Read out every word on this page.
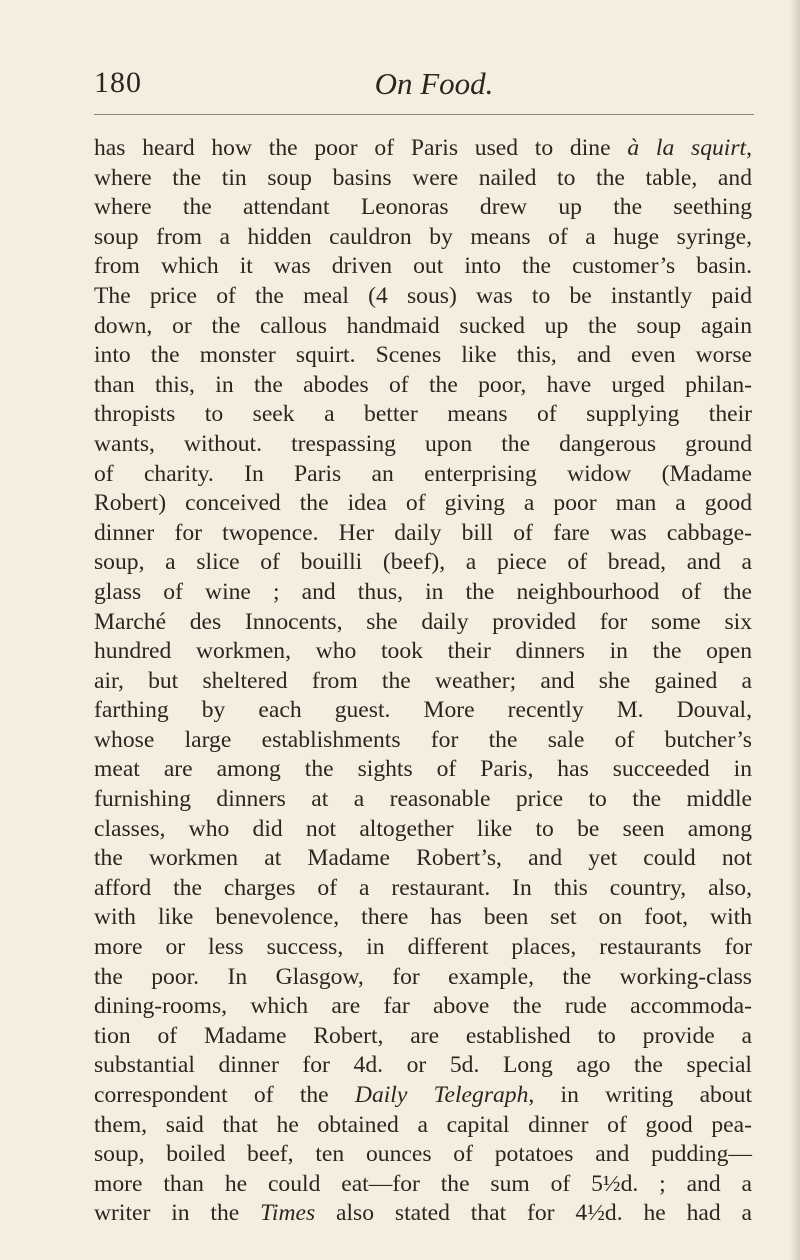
180	On Food.
has heard how the poor of Paris used to dine à la squirt,
where the tin soup basins were nailed to the table, and
where the attendant Leonoras drew up the seething
soup from a hidden cauldron by means of a huge syringe,
from which it was driven out into the customer’s basin.
The price of the meal (4 sous) was to be instantly paid
down, or the callous handmaid sucked up the soup again
into the monster squirt. Scenes like this, and even worse
than this, in the abodes of the poor, have urged philan-
thropists to seek a better means of supplying their
wants, without. trespassing upon the dangerous ground
of charity. In Paris an enterprising widow (Madame
Robert) conceived the idea of giving a poor man a good
dinner for twopence. Her daily bill of fare was cabbage-
soup, a slice of bouilli (beef), a piece of bread, and a
glass of wine ; and thus, in the neighbourhood of the
Marché des Innocents, she daily provided for some six
hundred workmen, who took their dinners in the open
air, but sheltered from the weather; and she gained a
farthing by each guest. More recently M. Douval,
whose large establishments for the sale of butcher’s
meat are among the sights of Paris, has succeeded in
furnishing dinners at a reasonable price to the middle
classes, who did not altogether like to be seen among
the workmen at Madame Robert’s, and yet could not
afford the charges of a restaurant. In this country, also,
with like benevolence, there has been set on foot, with
more or less success, in different places, restaurants for
the poor. In Glasgow, for example, the working-class
dining-rooms, which are far above the rude accommoda-
tion of Madame Robert, are established to provide a
substantial dinner for 4d. or 5d. Long ago the special
correspondent of the Daily Telegraph, in writing about
them, said that he obtained a capital dinner of good pea-
soup, boiled beef, ten ounces of potatoes and pudding—
more than he could eat—for the sum of 5½d. ; and a
writer in the Times also stated that for 4½d. he had a
